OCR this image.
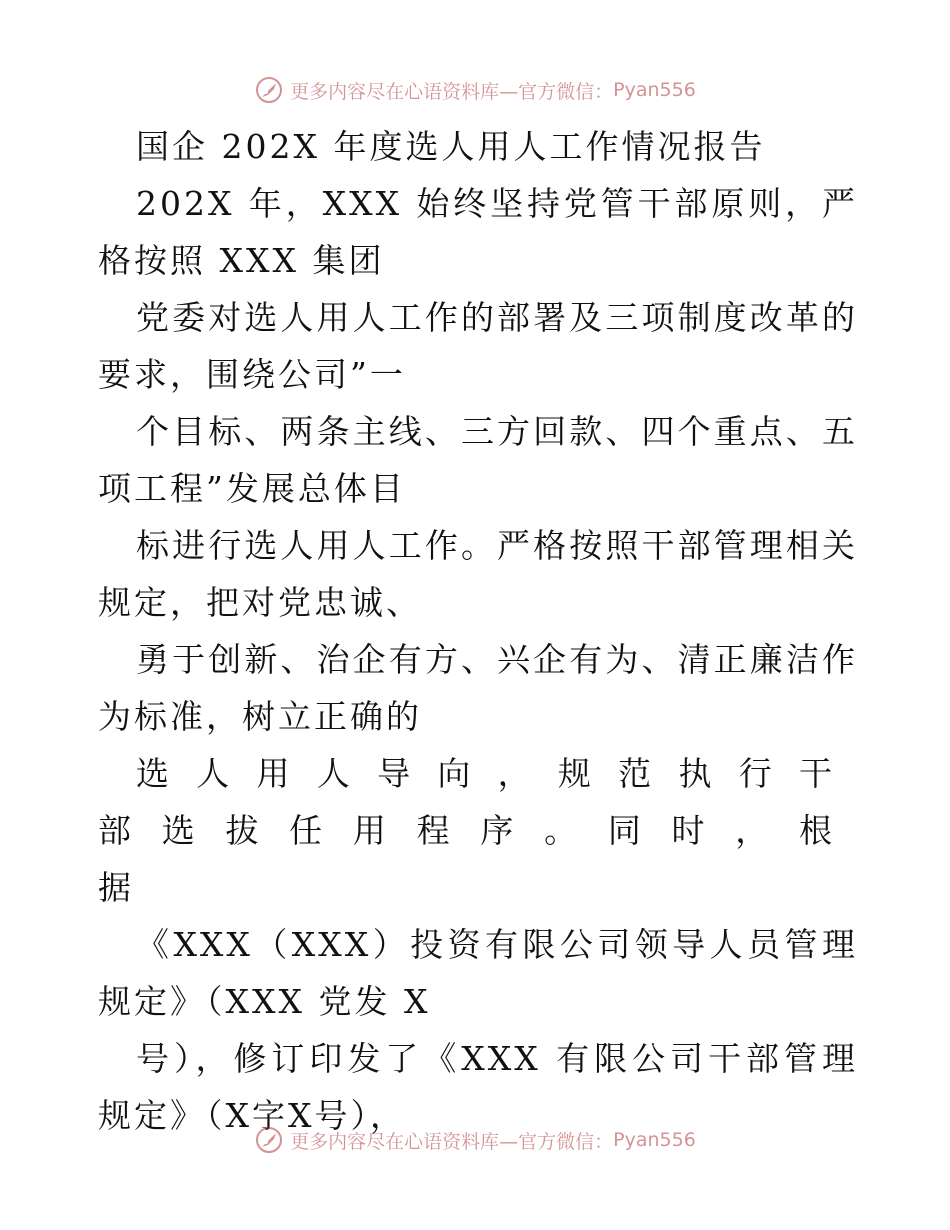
更多内容尽在心语资料库—官方微信： Pyan556

国企 202X 年度选人用人工作情况报告

202X 年，XXX 始终坚持党管干部原则，严格按照 XXX 集团

党委对选人用人工作的部署及三项制度改革的要求，围绕公司”一

个目标、两条主线、三方回款、四个重点、五项工程”发展总体目

标进行选人用人工作。严格按照干部管理相关规定，把对党忠诚、

勇于创新、治企有方、兴企有为、清正廉洁作为标准，树立正确的

选人用人导向，规范执行干部选拔任用程序。同时，根据

《XXX（XXX）投资有限公司领导人员管理规定》（XXX 党发 X

号），修订印发了《XXX 有限公司干部管理规定》（X字X号），

更多内容尽在心语资料库—官方微信： Pyan556
